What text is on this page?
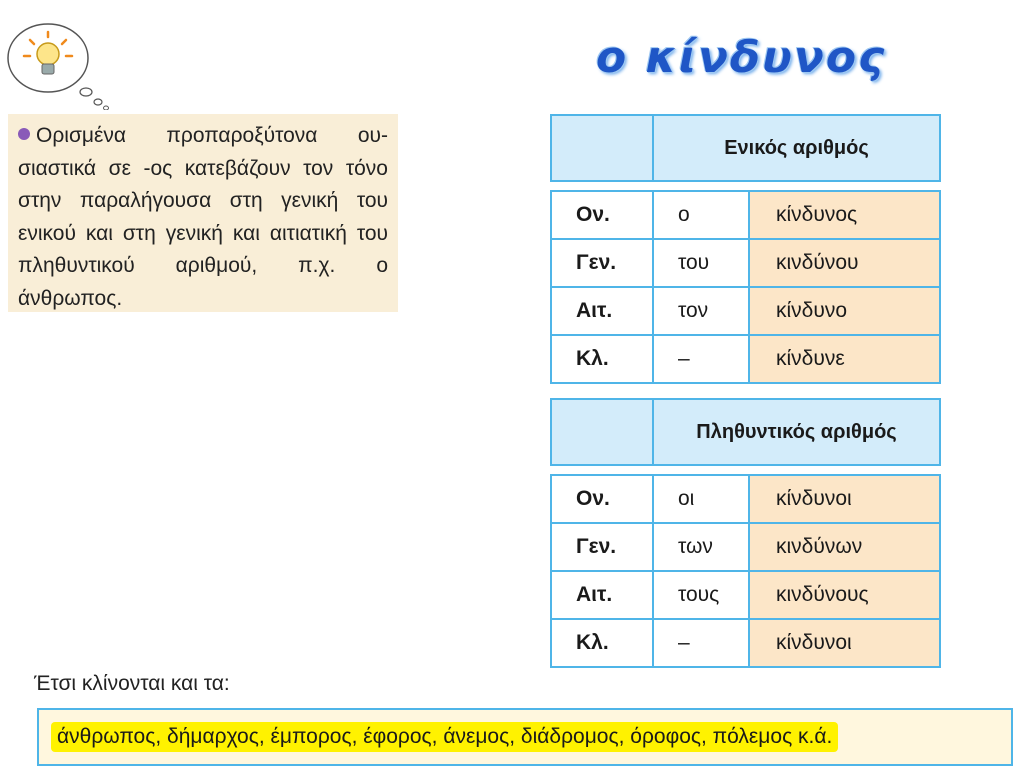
ο κίνδυνος
Ορισμένα προπαροξύτονα ουσιαστικά σε -ος κατεβάζουν τον τόνο στην παραλήγουσα στη γενική του ενικού και στη γενική και αιτιατική του πληθυντικού αριθμού, π.χ. ο άνθρωπος.
Ενικός αριθμός
Ον.	ο	κίνδυνος
Γεν.	του	κινδύνου
Αιτ.	τον	κίνδυνο
Κλ.	–	κίνδυνε
Πληθυντικός αριθμός
Ον.	οι	κίνδυνοι
Γεν.	των	κινδύνων
Αιτ.	τους	κινδύνους
Κλ.	–	κίνδυνοι
Έτσι κλίνονται και τα:
άνθρωπος, δήμαρχος, έμπορος, έφορος, άνεμος, διάδρομος, όροφος, πόλεμος κ.ά.
